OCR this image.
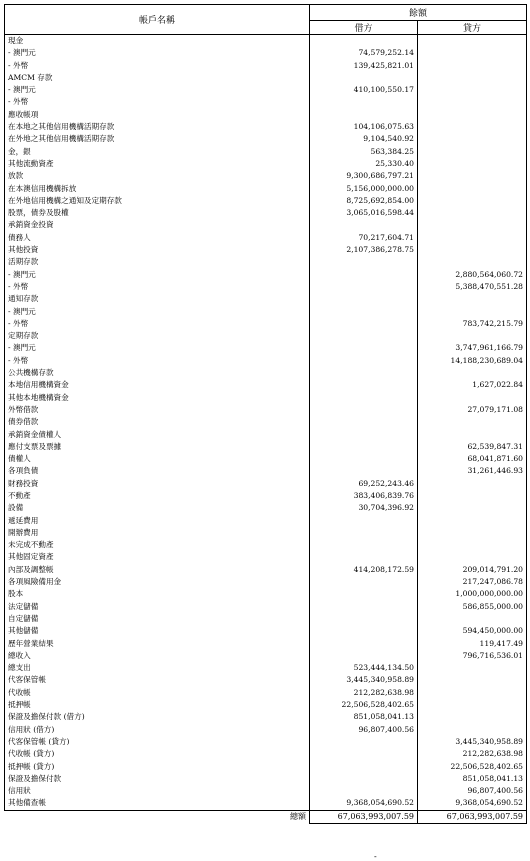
帳戶名稱	餘額	
	借方	貸方
現金		
- 澳門元	74,579,252.14	
- 外幣	139,425,821.01	
AMCM 存款		
- 澳門元	410,100,550.17	
- 外幣		
應收帳項		
在本地之其他信用機構活期存款	104,106,075.63	
在外地之其他信用機構活期存款	9,104,540.92	
金，銀	563,384.25	
其他流動資產	25,330.40	
放款	9,300,686,797.21	
在本澳信用機構拆放	5,156,000,000.00	
在外地信用機構之通知及定期存款	8,725,692,854.00	
股票，債券及股權	3,065,016,598.44	
承銷資金投資		
債務人	70,217,604.71	
其他投資	2,107,386,278.75	
活期存款		
- 澳門元		2,880,564,060.72
- 外幣		5,388,470,551.28
通知存款		
- 澳門元		
- 外幣		783,742,215.79
定期存款		
- 澳門元		3,747,961,166.79
- 外幣		14,188,230,689.04
公共機構存款		
本地信用機構資金		1,627,022.84
其他本地機構資金		
外幣借款		27,079,171.08
債券借款		
承銷資金債權人		
應付支票及票據		62,539,847.31
債權人		68,041,871.60
各項負債		31,261,446.93
財務投資	69,252,243.46	
不動產	383,406,839.76	
設備	30,704,396.92	
遞延費用		
開辦費用		
未完成不動產		
其他固定資產		
內部及調整帳	414,208,172.59	209,014,791.20
各項風險備用金		217,247,086.78
股本		1,000,000,000.00
法定儲備		586,855,000.00
自定儲備		
其他儲備		594,450,000.00
歷年營業結果		119,417.49
總收入		796,716,536.01
總支出	523,444,134.50	
代客保管帳	3,445,340,958.89	
代收帳	212,282,638.98	
抵押帳	22,506,528,402.65	
保證及擔保付款 (借方)	851,058,041.13	
信用狀 (借方)	96,807,400.56	
代客保管帳 (貸方)		3,445,340,958.89
代收帳 (貸方)		212,282,638.98
抵押帳 (貸方)		22,506,528,402.65
保證及擔保付款		851,058,041.13
信用狀		96,807,400.56
其他備查帳	9,368,054,690.52	9,368,054,690.52
總額	67,063,993,007.59	67,063,993,007.59
-
